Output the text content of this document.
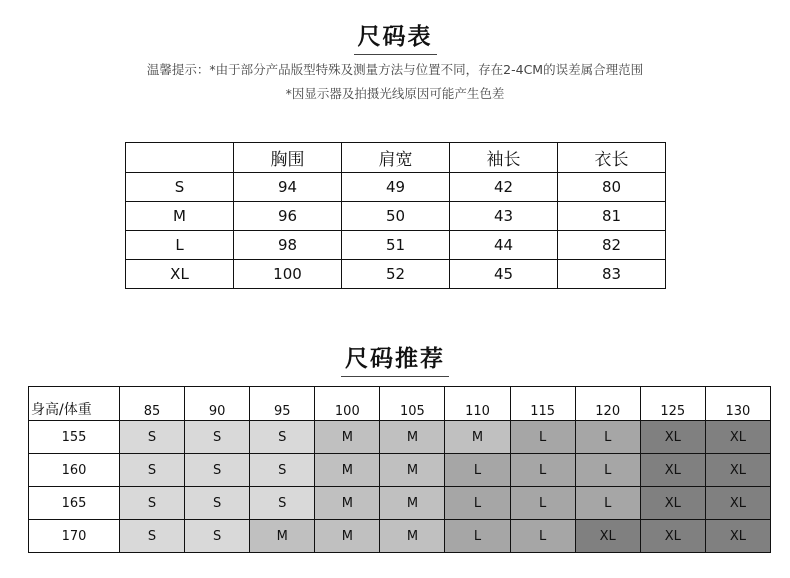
尺码表
温馨提示：*由于部分产品版型特殊及测量方法与位置不同，存在2-4CM的误差属合理范围
*因显示器及拍摄光线原因可能产生色差
	胸围	肩宽	袖长	衣长
S	94	49	42	80
M	96	50	43	81
L	98	51	44	82
XL	100	52	45	83
尺码推荐
身高/体重	85	90	95	100	105	110	115	120	125	130
155	S	S	S	M	M	M	L	L	XL	XL
160	S	S	S	M	M	L	L	L	XL	XL
165	S	S	S	M	M	L	L	L	XL	XL
170	S	S	M	M	M	L	L	XL	XL	XL
